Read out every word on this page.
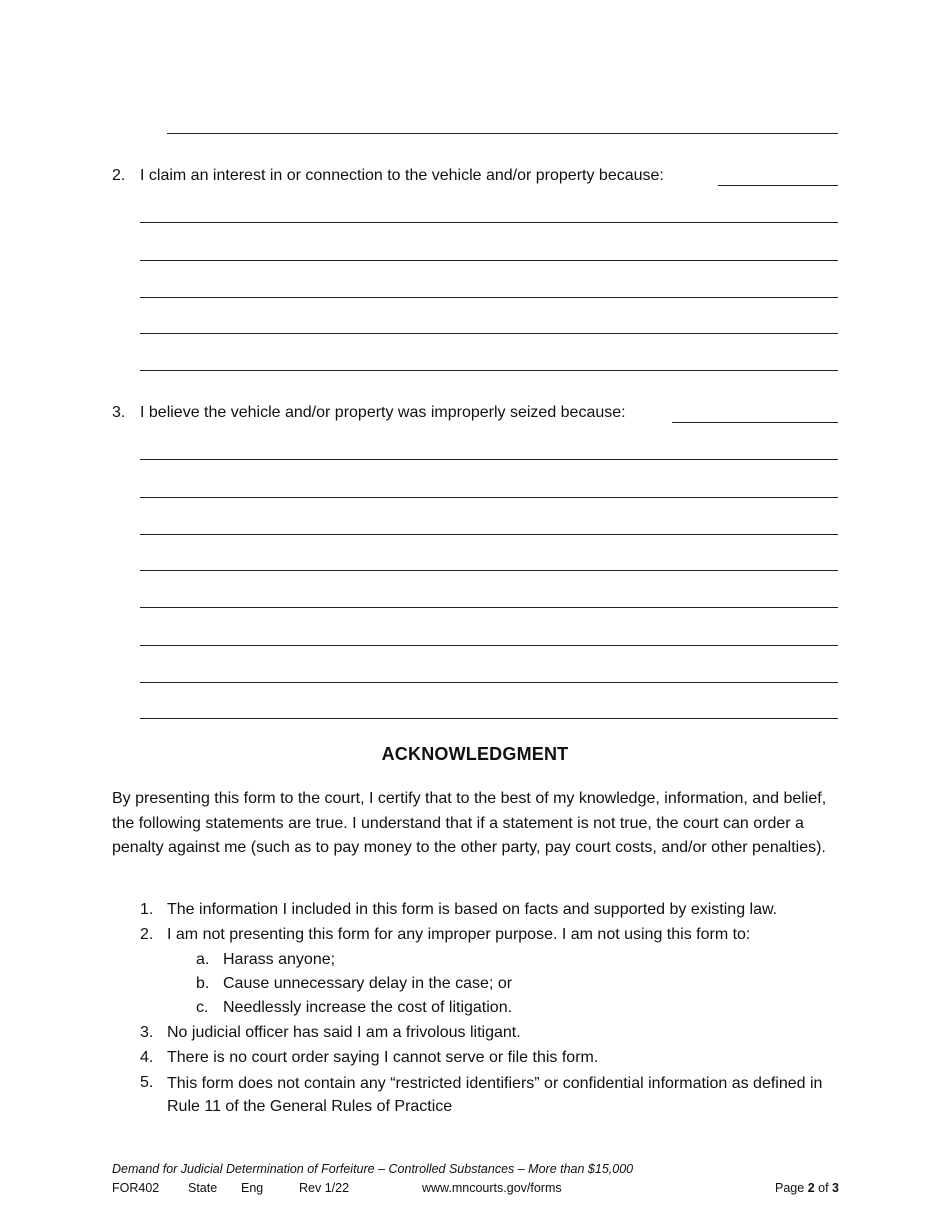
2. I claim an interest in or connection to the vehicle and/or property because:
3. I believe the vehicle and/or property was improperly seized because:
ACKNOWLEDGMENT

By presenting this form to the court, I certify that to the best of my knowledge, information, and belief, the following statements are true. I understand that if a statement is not true, the court can order a penalty against me (such as to pay money to the other party, pay court costs, and/or other penalties).

1. The information I included in this form is based on facts and supported by existing law.
2. I am not presenting this form for any improper purpose. I am not using this form to:
a. Harass anyone;
b. Cause unnecessary delay in the case; or
c. Needlessly increase the cost of litigation.
3. No judicial officer has said I am a frivolous litigant.
4. There is no court order saying I cannot serve or file this form.
5. This form does not contain any “restricted identifiers” or confidential information as defined in Rule 11 of the General Rules of Practice
Demand for Judicial Determination of Forfeiture – Controlled Substances – More than $15,000
FOR402 State Eng	Rev 1/22	www.mncourts.gov/forms	Page 2 of 3
